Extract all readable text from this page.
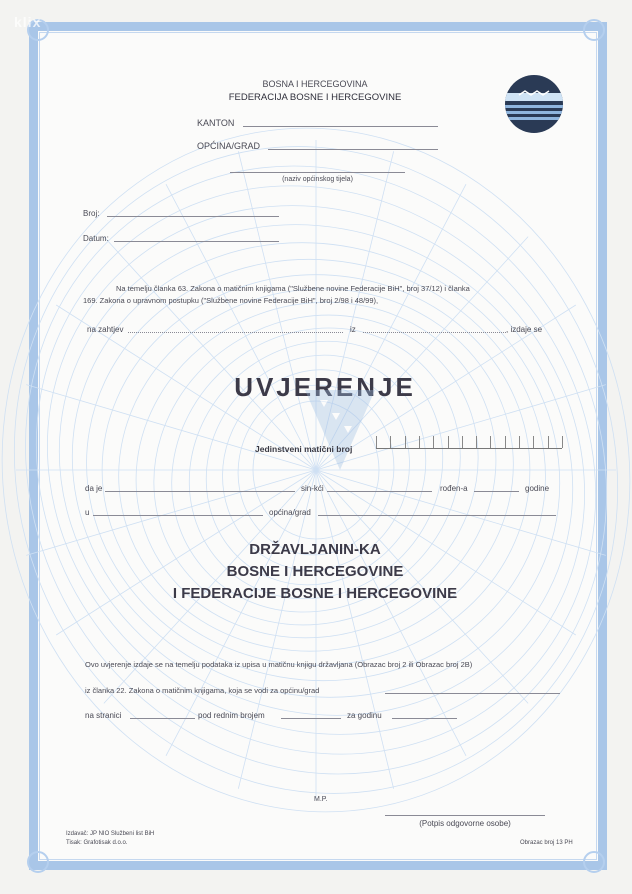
klix
BOSNA I HERCEGOVINA
FEDERACIJA BOSNE I HERCEGOVINE
KANTON
OPĆINA/GRAD
(naziv općinskog tijela)
Broj:
Datum:
Na temelju članka 63. Zakona o matičnim knjigama ("Službene novine Federacije BiH", broj 37/12) i članka
169. Zakona o upravnom postupku ("Službene novine Federacije BiH", broj 2/98 i 48/99),
na zahtjev	iz	, izdaje se
UVJERENJE
Jedinstveni matični broj
da je	sin-kći	rođen-a	godine
u	općina/grad
DRŽAVLJANIN-KA
BOSNE I HERCEGOVINE
I FEDERACIJE BOSNE I HERCEGOVINE
Ovo uvjerenje izdaje se na temelju podataka iz upisa u matičnu knjigu državljana (Obrazac broj 2 ili Obrazac broj 2B)
iz članka 22. Zakona o matičnim knjigama, koja se vodi za općinu/grad
na stranici	pod rednim brojem	za godinu
M.P.
(Potpis odgovorne osobe)
Izdavač: JP NIO Službeni list BiH
Tisak: Grafotisak d.o.o.	Obrazac broj 13 PH
